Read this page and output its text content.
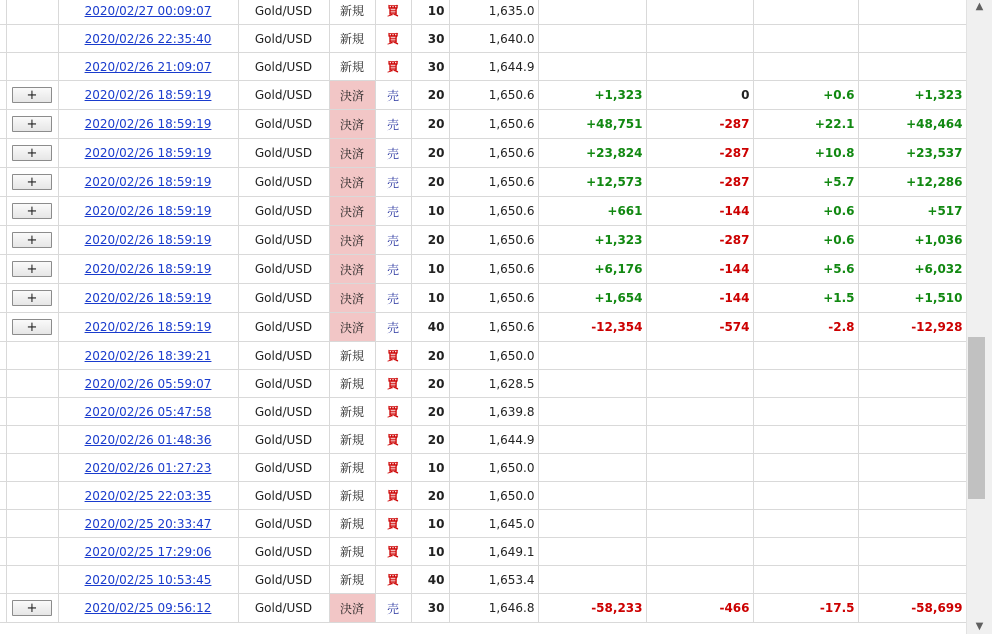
		2020/02/27 00:09:07	Gold/USD	新規	買	10	1,635.0				
		2020/02/26 22:35:40	Gold/USD	新規	買	30	1,640.0				
		2020/02/26 21:09:07	Gold/USD	新規	買	30	1,644.9				
	+	2020/02/26 18:59:19	Gold/USD	決済	売	20	1,650.6	+1,323	0	+0.6	+1,323
	+	2020/02/26 18:59:19	Gold/USD	決済	売	20	1,650.6	+48,751	-287	+22.1	+48,464
	+	2020/02/26 18:59:19	Gold/USD	決済	売	20	1,650.6	+23,824	-287	+10.8	+23,537
	+	2020/02/26 18:59:19	Gold/USD	決済	売	20	1,650.6	+12,573	-287	+5.7	+12,286
	+	2020/02/26 18:59:19	Gold/USD	決済	売	10	1,650.6	+661	-144	+0.6	+517
	+	2020/02/26 18:59:19	Gold/USD	決済	売	20	1,650.6	+1,323	-287	+0.6	+1,036
	+	2020/02/26 18:59:19	Gold/USD	決済	売	10	1,650.6	+6,176	-144	+5.6	+6,032
	+	2020/02/26 18:59:19	Gold/USD	決済	売	10	1,650.6	+1,654	-144	+1.5	+1,510
	+	2020/02/26 18:59:19	Gold/USD	決済	売	40	1,650.6	-12,354	-574	-2.8	-12,928
		2020/02/26 18:39:21	Gold/USD	新規	買	20	1,650.0				
		2020/02/26 05:59:07	Gold/USD	新規	買	20	1,628.5				
		2020/02/26 05:47:58	Gold/USD	新規	買	20	1,639.8				
		2020/02/26 01:48:36	Gold/USD	新規	買	20	1,644.9				
		2020/02/26 01:27:23	Gold/USD	新規	買	10	1,650.0				
		2020/02/25 22:03:35	Gold/USD	新規	買	20	1,650.0				
		2020/02/25 20:33:47	Gold/USD	新規	買	10	1,645.0				
		2020/02/25 17:29:06	Gold/USD	新規	買	10	1,649.1				
		2020/02/25 10:53:45	Gold/USD	新規	買	40	1,653.4				
	+	2020/02/25 09:56:12	Gold/USD	決済	売	30	1,646.8	-58,233	-466	-17.5	-58,699
▲
▼
